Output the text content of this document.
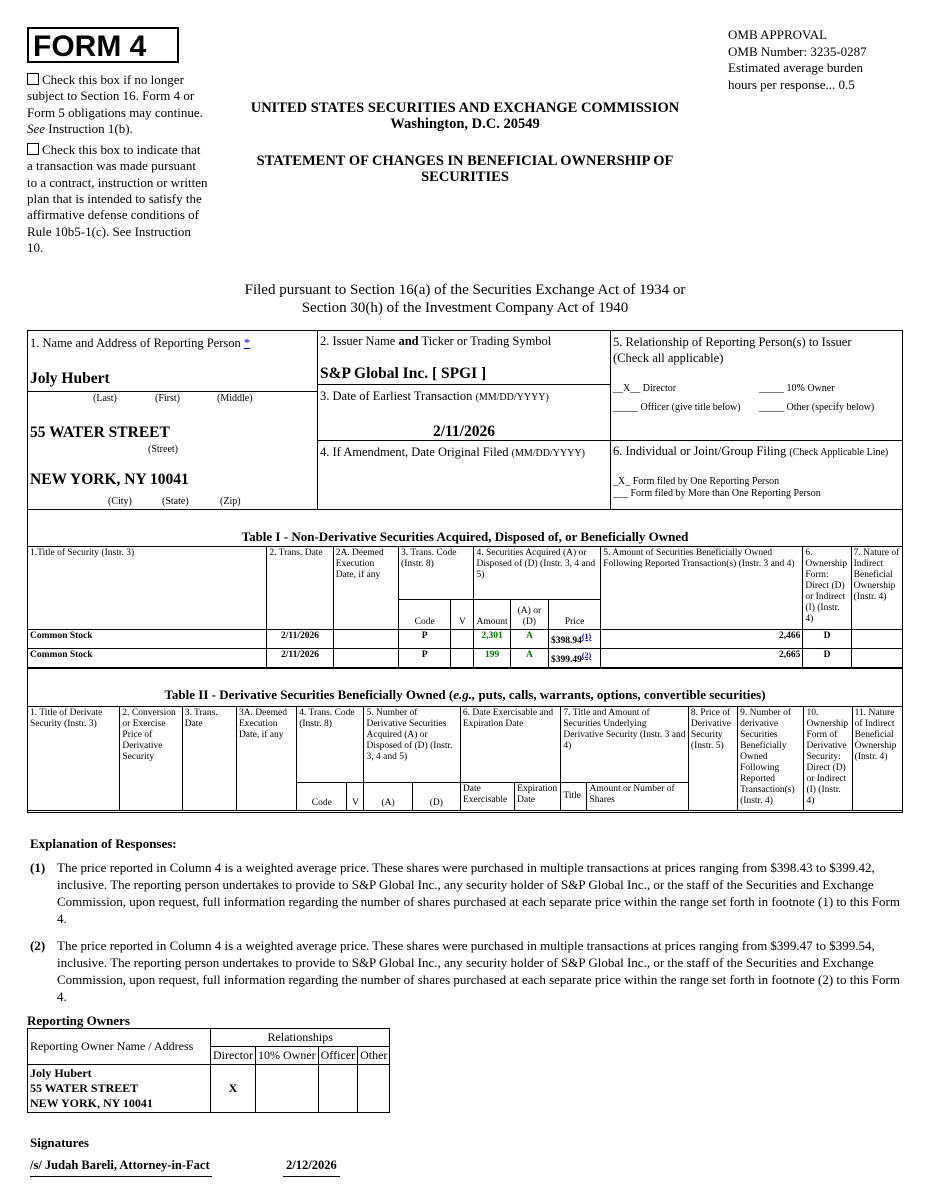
FORM 4	OMB APPROVAL
OMB Number: 3235-0287
Estimated average burden
hours per response... 0.5

Check this box if no longer subject to Section 16. Form 4 or Form 5 obligations may continue. See Instruction 1(b).

Check this box to indicate that a transaction was made pursuant to a contract, instruction or written plan that is intended to satisfy the affirmative defense conditions of Rule 10b5-1(c). See Instruction 10.

UNITED STATES SECURITIES AND EXCHANGE COMMISSION
Washington, D.C. 20549
STATEMENT OF CHANGES IN BENEFICIAL OWNERSHIP OF
SECURITIES
Filed pursuant to Section 16(a) of the Securities Exchange Act of 1934 or
Section 30(h) of the Investment Company Act of 1940
1. Name and Address of Reporting Person *
Joly Hubert
(Last)	(First)	(Middle)
55 WATER STREET
(Street)
NEW YORK, NY 10041
(City)	(State)	(Zip)
2. Issuer Name and Ticker or Trading Symbol
S&P Global Inc. [ SPGI ]
3. Date of Earliest Transaction (MM/DD/YYYY)
2/11/2026
4. If Amendment, Date Original Filed (MM/DD/YYYY)
5. Relationship of Reporting Person(s) to Issuer
(Check all applicable)
__X__ Director	_____ 10% Owner
_____ Officer (give title below) _____ Other (specify below)
6. Individual or Joint/Group Filing (Check Applicable Line)
_X_ Form filed by One Reporting Person
___ Form filed by More than One Reporting Person
Table I - Non-Derivative Securities Acquired, Disposed of, or Beneficially Owned
1.Title of Security (Instr. 3)	2. Trans. Date	2A. Deemed Execution Date, if any	3. Trans. Code (Instr. 8)		4. Securities Acquired (A) or Disposed of (D) (Instr. 3, 4 and 5)			5. Amount of Securities Beneficially Owned Following Reported Transaction(s) (Instr. 3 and 4)	6. Ownership Form: Direct (D) or Indirect (I) (Instr. 4)	7. Nature of Indirect Beneficial Ownership (Instr. 4)
			Code	V	Amount	(A) or (D)	Price			
Common Stock	2/11/2026		P		2,301	A	$398.94$^{(1)}$	2,466	D	
Common Stock	2/11/2026		P		199	A	$399.49$^{(2)}$	2,665	D	
Table II - Derivative Securities Beneficially Owned (e.g., puts, calls, warrants, options, convertible securities)
1. Title of Derivate Security (Instr. 3)	2. Conversion or Exercise Price of Derivative Security	3. Trans. Date	3A. Deemed Execution Date, if any	4. Trans. Code (Instr. 8)		5. Number of Derivative Securities Acquired (A) or Disposed of (D) (Instr. 3, 4 and 5)		6. Date Exercisable and Expiration Date		7. Title and Amount of Securities Underlying Derivative Security (Instr. 3 and 4)		8. Price of Derivative Security (Instr. 5)	9. Number of derivative Securities Beneficially Owned Following Reported Transaction(s) (Instr. 4)	10. Ownership Form of Derivative Security: Direct (D) or Indirect (I) (Instr. 4)	11. Nature of Indirect Beneficial Ownership (Instr. 4)
				Code	V	(A)	(D)	Date Exercisable	Expiration Date	Title	Amount or Number of Shares				
Explanation of Responses:
(1) The price reported in Column 4 is a weighted average price. These shares were purchased in multiple transactions at prices ranging from $398.43 to $399.42, inclusive. The reporting person undertakes to provide to S&P Global Inc., any security holder of S&P Global Inc., or the staff of the Securities and Exchange Commission, upon request, full information regarding the number of shares purchased at each separate price within the range set forth in footnote (1) to this Form 4.
(2) The price reported in Column 4 is a weighted average price. These shares were purchased in multiple transactions at prices ranging from $399.47 to $399.54, inclusive. The reporting person undertakes to provide to S&P Global Inc., any security holder of S&P Global Inc., or the staff of the Securities and Exchange Commission, upon request, full information regarding the number of shares purchased at each separate price within the range set forth in footnote (2) to this Form 4.
Reporting Owners
Reporting Owner Name / Address	Relationships			
	Director	10% Owner	Officer	Other

Joly Hubert
55 WATER STREET
NEW YORK, NY 10041	X			
Signatures
/s/ Judah Bareli, Attorney-in-Fact	2/12/2026
